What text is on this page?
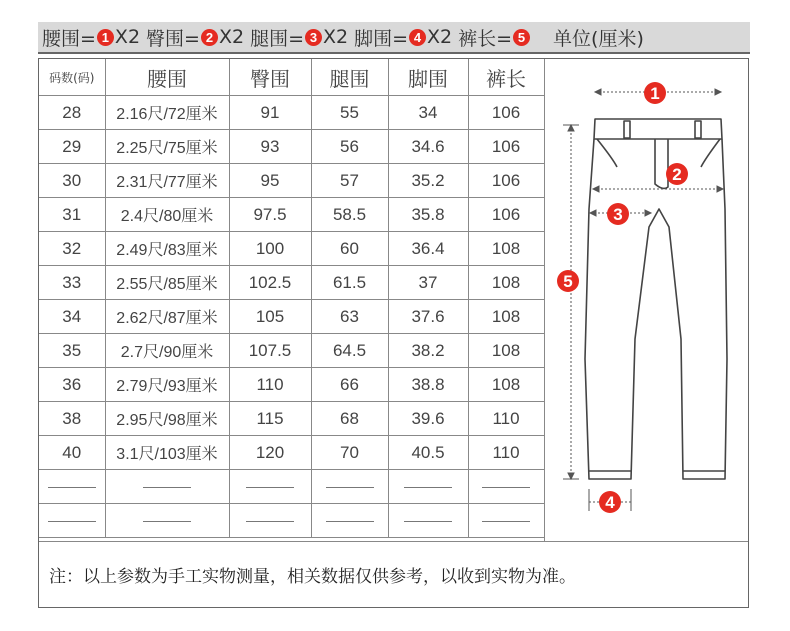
腰围= 1 X2 臀围= 2 X2 腿围= 3 X2 脚围= 4 X2 裤长= 5 单位(厘米)
码数(码)	腰围	臀围	腿围	脚围	裤长
28	2.16尺/72厘米	91	55	34	106
29	2.25尺/75厘米	93	56	34.6	106
30	2.31尺/77厘米	95	57	35.2	106
31	2.4尺/80厘米	97.5	58.5	35.8	106
32	2.49尺/83厘米	100	60	36.4	108
33	2.55尺/85厘米	102.5	61.5	37	108
34	2.62尺/87厘米	105	63	37.6	108
35	2.7尺/90厘米	107.5	64.5	38.2	108
36	2.79尺/93厘米	110	66	38.8	108
38	2.95尺/98厘米	115	68	39.6	110
40	3.1尺/103厘米	120	70	40.5	110

1
2
3
5
4
注：以上参数为手工实物测量，相关数据仅供参考，以收到实物为准。
